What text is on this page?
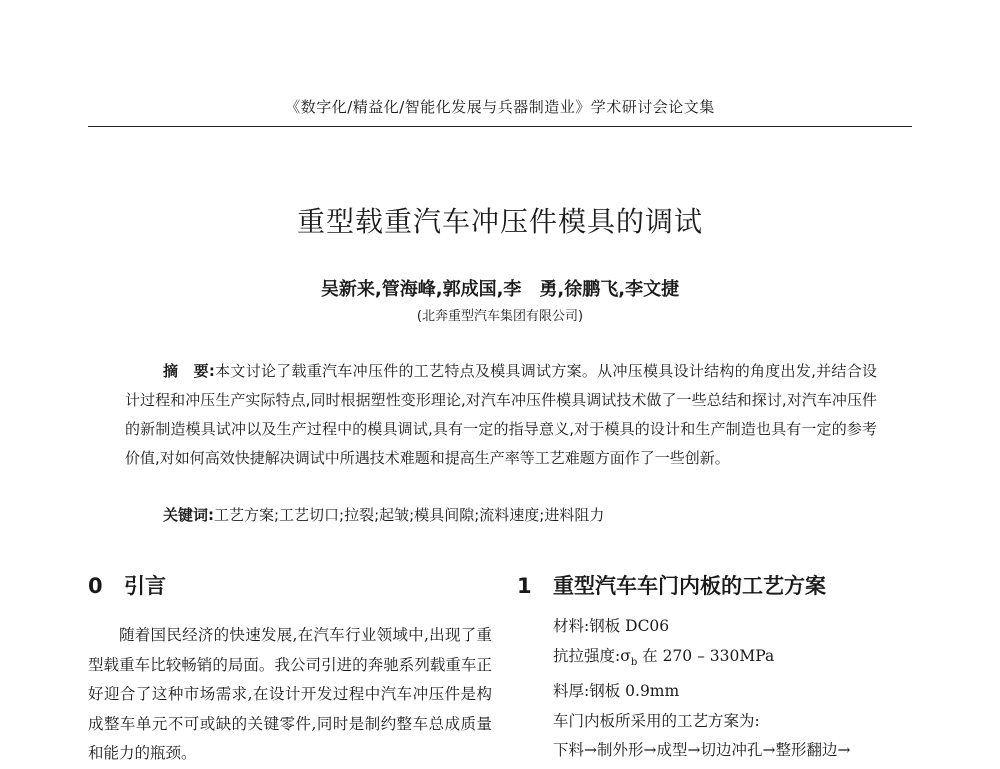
《数字化/精益化/智能化发展与兵器制造业》学术研讨会论文集
重型载重汽车冲压件模具的调试
吴新来,管海峰,郭成国,李　勇,徐鹏飞,李文捷
(北奔重型汽车集团有限公司)
摘　要:本文讨论了载重汽车冲压件的工艺特点及模具调试方案。从冲压模具设计结构的角度出发,并结合设计过程和冲压生产实际特点,同时根据塑性变形理论,对汽车冲压件模具调试技术做了一些总结和探讨,对汽车冲压件的新制造模具试冲以及生产过程中的模具调试,具有一定的指导意义,对于模具的设计和生产制造也具有一定的参考价值,对如何高效快捷解决调试中所遇技术难题和提高生产率等工艺难题方面作了一些创新。
关键词:工艺方案;工艺切口;拉裂;起皱;模具间隙;流料速度;进料阻力
0 引言

随着国民经济的快速发展,在汽车行业领域中,出现了重型载重车比较畅销的局面。我公司引进的奔驰系列载重车正好迎合了这种市场需求,在设计开发过程中汽车冲压件是构成整车单元不可或缺的关键零件,同时是制约整车总成质量和能力的瓶颈。

1 重型汽车车门内板的工艺方案
材料:钢板 DC06
抗拉强度$:\sigma_b$ 在 270 – 330MPa
料厚:钢板 0.9mm
车门内板所采用的工艺方案为:
下料→制外形→成型→切边冲孔→整形翻边→
